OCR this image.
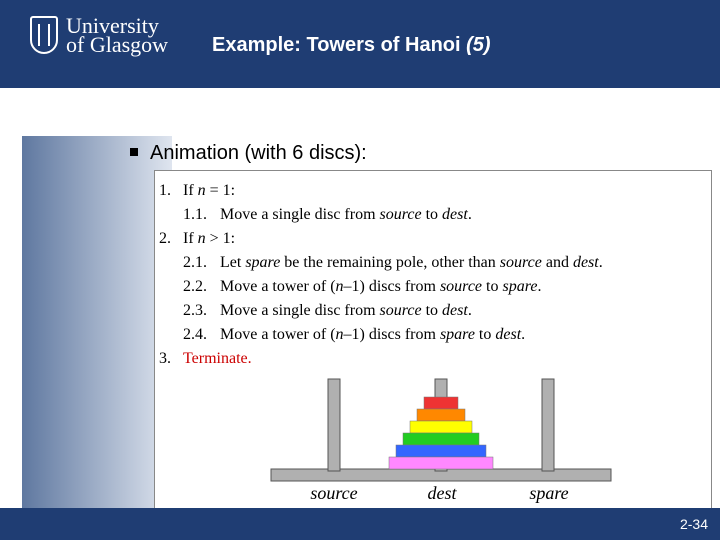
University
of Glasgow Example: Towers of Hanoi (5)
Animation (with 6 discs):
1. If n = 1:
1.1. Move a single disc from source to dest.
2. If n > 1:
2.1. Let spare be the remaining pole, other than source and dest.
2.2. Move a tower of (n–1) discs from source to spare.
2.3. Move a single disc from source to dest.
2.4. Move a tower of (n–1) discs from spare to dest.
3. Terminate.
source	dest	spare
2-34
